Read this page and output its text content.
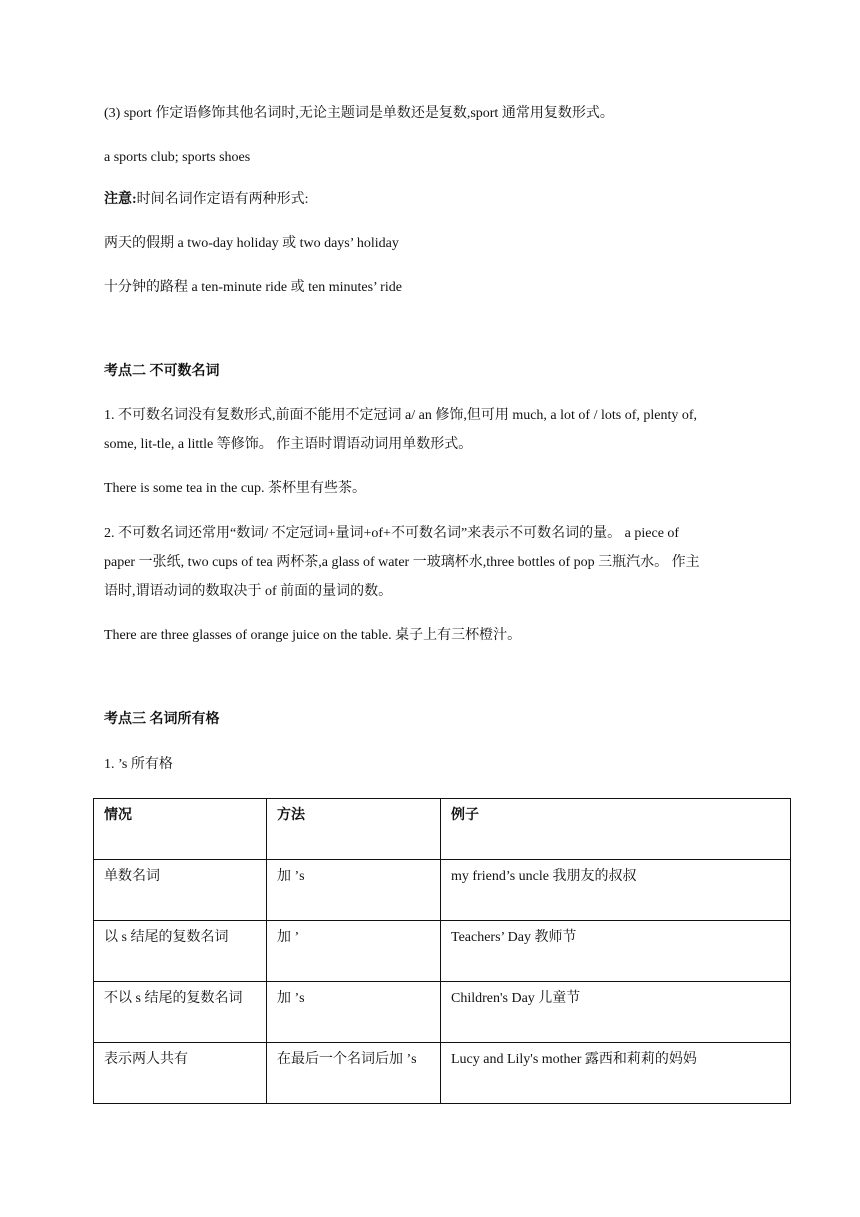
(3) sport 作定语修饰其他名词时,无论主题词是单数还是复数,sport 通常用复数形式。

a sports club; sports shoes

注意:时间名词作定语有两种形式:

两天的假期 a two-day holiday 或 two days’ holiday

十分钟的路程 a ten-minute ride 或 ten minutes’ ride

考点二 不可数名词

1. 不可数名词没有复数形式,前面不能用不定冠词 a/ an 修饰,但可用 much, a lot of / lots of, plenty of,

some, lit-tle, a little 等修饰。 作主语时谓语动词用单数形式。

There is some tea in the cup. 茶杯里有些茶。

2. 不可数名词还常用“数词/ 不定冠词+量词+of+不可数名词”来表示不可数名词的量。 a piece of

paper 一张纸, two cups of tea 两杯茶,a glass of water 一玻璃杯水,three bottles of pop 三瓶汽水。 作主

语时,谓语动词的数取决于 of 前面的量词的数。

There are three glasses of orange juice on the table. 桌子上有三杯橙汁。

考点三 名词所有格

1. ’s 所有格

情况	方法	例子
单数名词	加 ’s	my friend’s uncle 我朋友的叔叔
以 s 结尾的复数名词	加 ’	Teachers’ Day 教师节
不以 s 结尾的复数名词	加 ’s	Children's Day 儿童节
表示两人共有	在最后一个名词后加 ’s	Lucy and Lily's mother 露西和莉莉的妈妈
